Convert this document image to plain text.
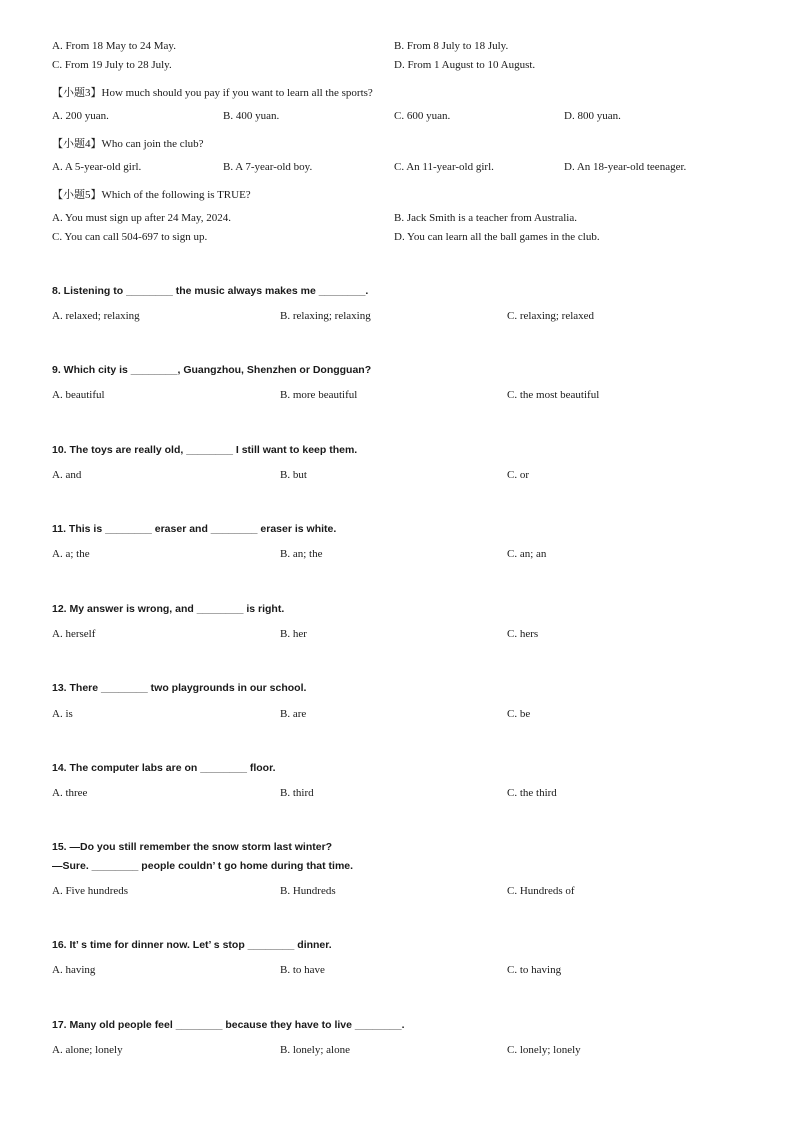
A. From 18 May to 24 May.	B. From 8 July to 18 July.
C. From 19 July to 28 July.	D. From 1 August to 10 August.
【小题3】How much should you pay if you want to learn all the sports?
A. 200 yuan.	B. 400 yuan.	C. 600 yuan.	D. 800 yuan.
【小题4】Who can join the club?
A. A 5-year-old girl.	B. A 7-year-old boy.	C. An 11-year-old girl.	D. An 18-year-old teenager.
【小题5】Which of the following is TRUE?
A. You must sign up after 24 May, 2024.	B. Jack Smith is a teacher from Australia.
C. You can call 504-697 to sign up.	D. You can learn all the ball games in the club.
8. Listening to ________ the music always makes me ________.
A. relaxed; relaxing	B. relaxing; relaxing	C. relaxing; relaxed
9. Which city is ________, Guangzhou, Shenzhen or Dongguan?
A. beautiful	B. more beautiful	C. the most beautiful
10. The toys are really old, ________ I still want to keep them.
A. and	B. but	C. or
11. This is ________ eraser and ________ eraser is white.
A. a; the	B. an; the	C. an; an
12. My answer is wrong, and ________ is right.
A. herself	B. her	C. hers
13. There ________ two playgrounds in our school.
A. is	B. are	C. be
14. The computer labs are on ________ floor.
A. three	B. third	C. the third
15. —Do you still remember the snow storm last winter?
—Sure. ________ people couldn’ t go home during that time.
A. Five hundreds	B. Hundreds	C. Hundreds of
16. It’ s time for dinner now. Let’ s stop ________ dinner.
A. having	B. to have	C. to having
17. Many old people feel ________ because they have to live ________.
A. alone; lonely	B. lonely; alone	C. lonely; lonely
